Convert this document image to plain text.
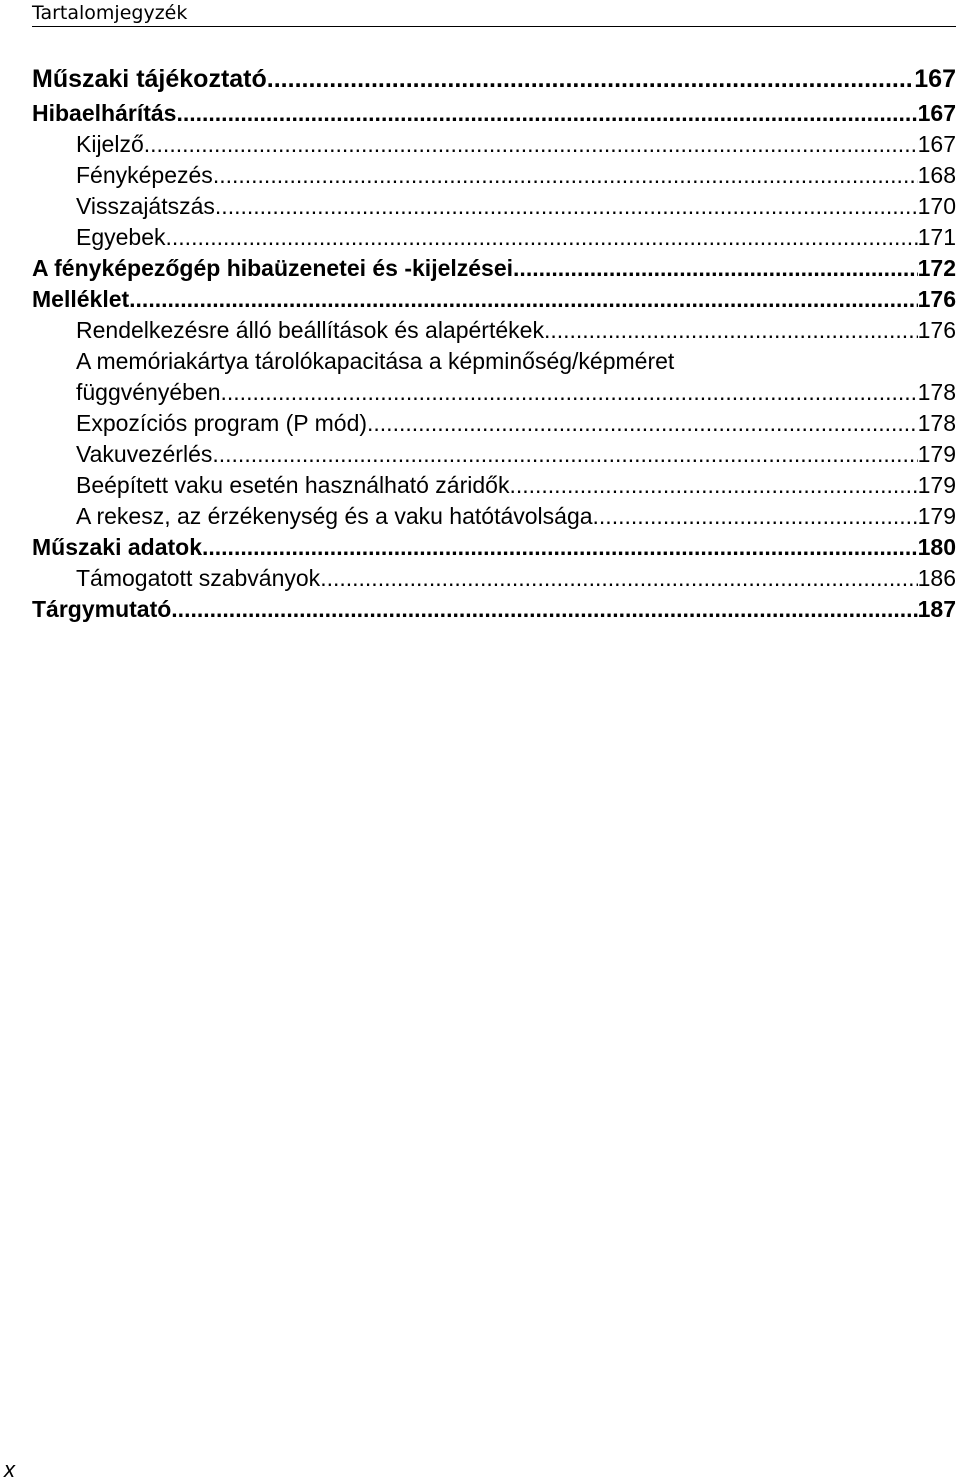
Tartalomjegyzék
Műszaki tájékoztató .....	167
Hibaelhárítás .....	167
Kijelző .....	167
Fényképezés .....	168
Visszajátszás .....	170
Egyebek .....	171
A fényképezőgép hibaüzenetei és -kijelzései .....	172
Melléklet .....	176
Rendelkezésre álló beállítások és alapértékek .....	176
A memóriakártya tárolókapacitása a képminőség/képméret
függvényében .....	178
Expozíciós program (P mód) .....	178
Vakuvezérlés .....	179
Beépített vaku esetén használható záridők .....	179
A rekesz, az érzékenység és a vaku hatótávolsága .....	179
Műszaki adatok .....	180
Támogatott szabványok .....	186
Tárgymutató .....	187
x
